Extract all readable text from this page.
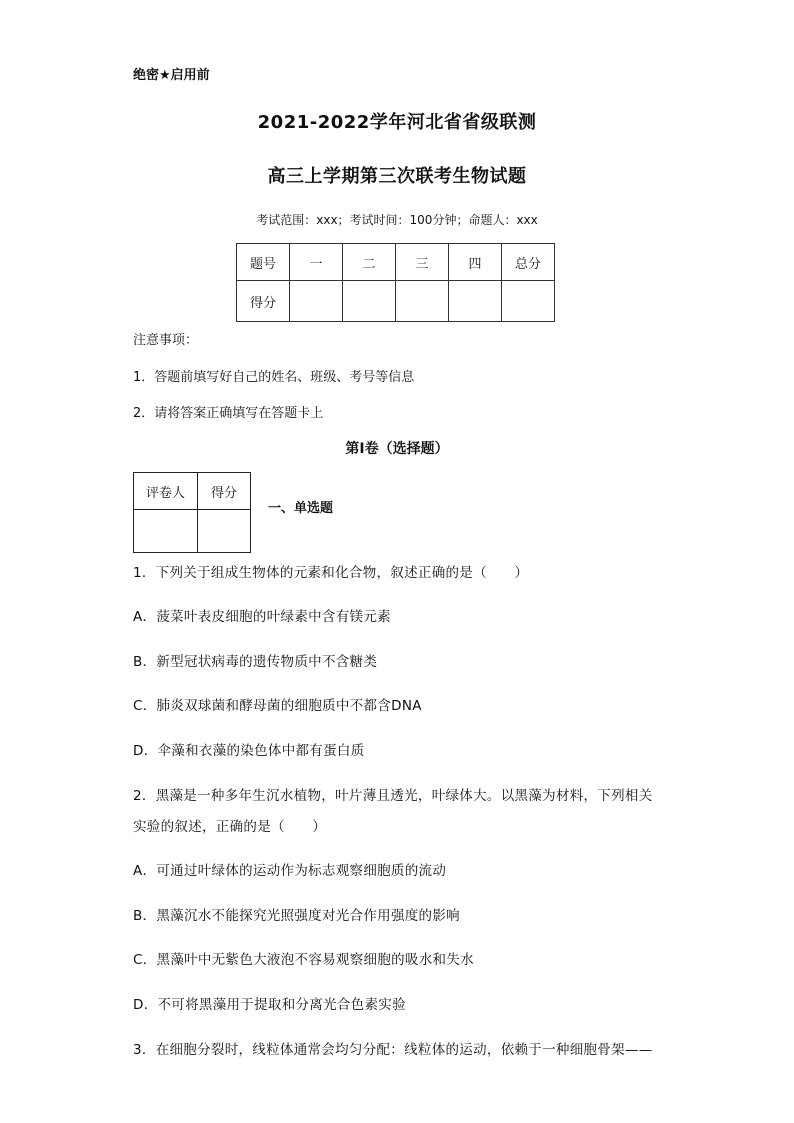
绝密★启用前
2021-2022学年河北省省级联测
高三上学期第三次联考生物试题
考试范围：xxx；考试时间：100分钟；命题人：xxx
题号	一	二	三	四	总分
得分					
注意事项：
1．答题前填写好自己的姓名、班级、考号等信息
2．请将答案正确填写在答题卡上
第I卷（选择题）
评卷人	得分

一、单选题
1．下列关于组成生物体的元素和化合物，叙述正确的是（　　）
A．菠菜叶表皮细胞的叶绿素中含有镁元素
B．新型冠状病毒的遗传物质中不含糖类
C．肺炎双球菌和酵母菌的细胞质中不都含DNA
D．伞藻和衣藻的染色体中都有蛋白质
2．黑藻是一种多年生沉水植物，叶片薄且透光，叶绿体大。以黑藻为材料，下列相关
实验的叙述，正确的是（　　）
A．可通过叶绿体的运动作为标志观察细胞质的流动
B．黑藻沉水不能探究光照强度对光合作用强度的影响
C．黑藻叶中无紫色大液泡不容易观察细胞的吸水和失水
D．不可将黑藻用于提取和分离光合色素实验
3．在细胞分裂时，线粒体通常会均匀分配：线粒体的运动，依赖于一种细胞骨架——
